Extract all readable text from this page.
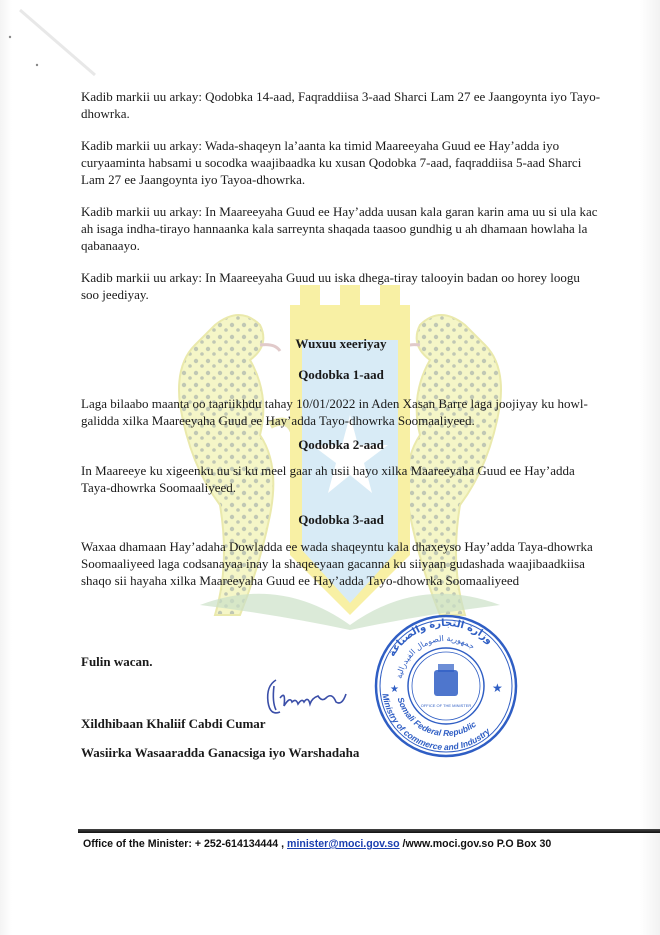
Kadib markii uu arkay: Qodobka 14-aad, Faqraddiisa 3-aad Sharci Lam 27 ee Jaangoynta iyo Tayo-dhowrka.

Kadib markii uu arkay: Wada-shaqeyn la’aanta ka timid Maareeyaha Guud ee Hay’adda iyo curyaaminta habsami u socodka waajibaadka ku xusan Qodobka 7-aad, faqraddiisa 5-aad Sharci Lam 27 ee Jaangoynta iyo Tayoa-dhowrka.

Kadib markii uu arkay: In Maareeyaha Guud ee Hay’adda uusan kala garan karin ama uu si ula kac ah isaga indha-tirayo hannaanka kala sarreynta shaqada taasoo gundhig u ah dhamaan howlaha la qabanaayo.

Kadib markii uu arkay: In Maareeyaha Guud uu iska dhega-tiray talooyin badan oo horey loogu soo jeediyay.

Wuxuu xeeriyay

Qodobka 1-aad

Laga bilaabo maanta oo taariikhdu tahay 10/01/2022 in Aden Xasan Barre laga joojiyay ku howl-galidda xilka Maareeyaha Guud ee Hay’adda Tayo-dhowrka Soomaaliyeed.

Qodobka 2-aad

In Maareeye ku xigeenku uu si ku meel gaar ah usii hayo xilka Maareeyaha Guud ee Hay’adda Taya-dhowrka Soomaaliyeed.

Qodobka 3-aad

Waxaa dhamaan Hay’adaha Dowladda ee wada shaqeyntu kala dhaxeyso Hay’adda Taya-dhowrka Soomaaliyeed laga codsanayaa inay la shaqeeyaan gacanna ku siiyaan gudashada waajibaadkiisa shaqo sii hayaha xilka Maareeyaha Guud ee Hay’adda Tayo-dhowrka Soomaaliyeed

Fulin wacan.
Cumar
وزارة التجارة والصناعة
جمهورية الصومال الفيدرالية
Somali Federal Republic
Ministry of commerce and Industry
OFFICE OF THE MINISTER
★
★
Xildhibaan Khaliif Cabdi Cumar
Wasiirka Wasaaradda Ganacsiga iyo Warshadaha
Office of the Minister: + 252-614134444 , minister@moci.gov.so /www.moci.gov.so P.O Box 30
